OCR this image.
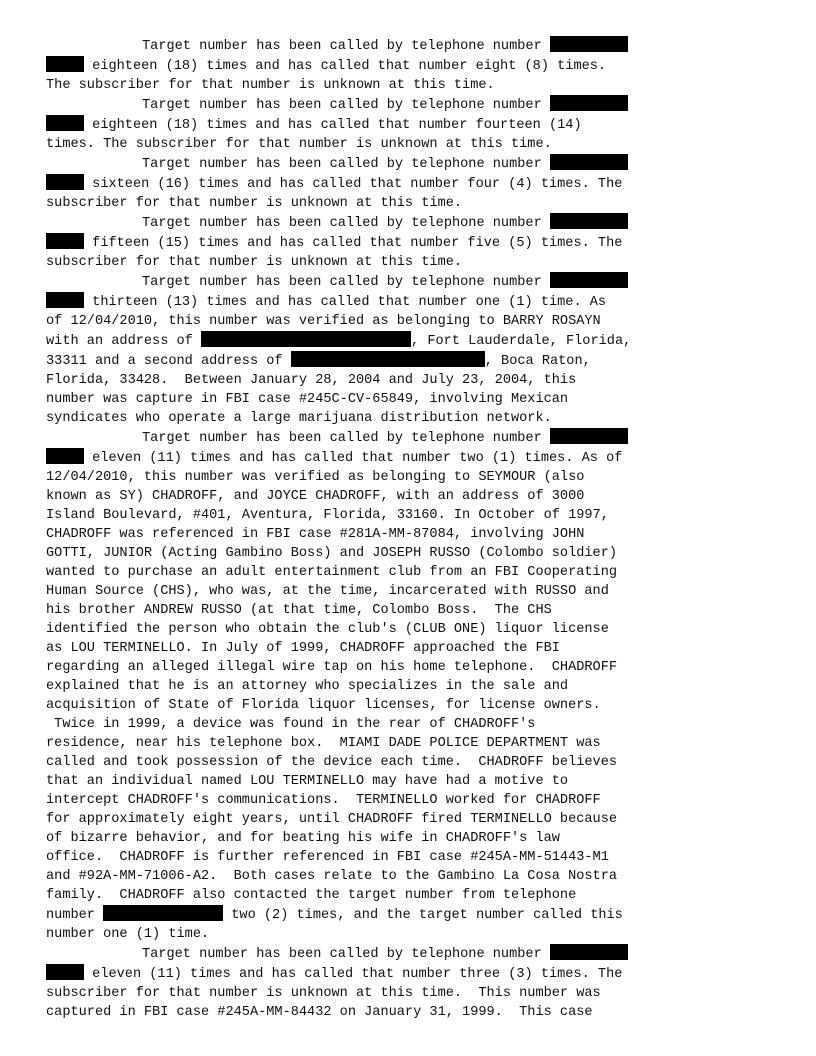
Target number has been called by telephone number
eighteen (18) times and has called that number eight (8) times.
The subscriber for that number is unknown at this time.
Target number has been called by telephone number
eighteen (18) times and has called that number fourteen (14)
times. The subscriber for that number is unknown at this time.
Target number has been called by telephone number
sixteen (16) times and has called that number four (4) times. The
subscriber for that number is unknown at this time.
Target number has been called by telephone number
fifteen (15) times and has called that number five (5) times. The
subscriber for that number is unknown at this time.
Target number has been called by telephone number
thirteen (13) times and has called that number one (1) time. As
of 12/04/2010, this number was verified as belonging to BARRY ROSAYN
with an address of	, Fort Lauderdale, Florida,
33311 and a second address of	, Boca Raton,
Florida, 33428.  Between January 28, 2004 and July 23, 2004, this
number was capture in FBI case #245C-CV-65849, involving Mexican
syndicates who operate a large marijuana distribution network.
Target number has been called by telephone number
eleven (11) times and has called that number two (1) times. As of
12/04/2010, this number was verified as belonging to SEYMOUR (also
known as SY) CHADROFF, and JOYCE CHADROFF, with an address of 3000
Island Boulevard, #401, Aventura, Florida, 33160. In October of 1997,
CHADROFF was referenced in FBI case #281A-MM-87084, involving JOHN
GOTTI, JUNIOR (Acting Gambino Boss) and JOSEPH RUSSO (Colombo soldier)
wanted to purchase an adult entertainment club from an FBI Cooperating
Human Source (CHS), who was, at the time, incarcerated with RUSSO and
his brother ANDREW RUSSO (at that time, Colombo Boss.  The CHS
identified the person who obtain the club's (CLUB ONE) liquor license
as LOU TERMINELLO. In July of 1999, CHADROFF approached the FBI
regarding an alleged illegal wire tap on his home telephone.  CHADROFF
explained that he is an attorney who specializes in the sale and
acquisition of State of Florida liquor licenses, for license owners.
Twice in 1999, a device was found in the rear of CHADROFF's
residence, near his telephone box.  MIAMI DADE POLICE DEPARTMENT was
called and took possession of the device each time.  CHADROFF believes
that an individual named LOU TERMINELLO may have had a motive to
intercept CHADROFF's communications.  TERMINELLO worked for CHADROFF
for approximately eight years, until CHADROFF fired TERMINELLO because
of bizarre behavior, and for beating his wife in CHADROFF's law
office.  CHADROFF is further referenced in FBI case #245A-MM-51443-M1
and #92A-MM-71006-A2.  Both cases relate to the Gambino La Cosa Nostra
family.  CHADROFF also contacted the target number from telephone
number	two (2) times, and the target number called this
number one (1) time.
Target number has been called by telephone number
eleven (11) times and has called that number three (3) times. The
subscriber for that number is unknown at this time.  This number was
captured in FBI case #245A-MM-84432 on January 31, 1999.  This case
